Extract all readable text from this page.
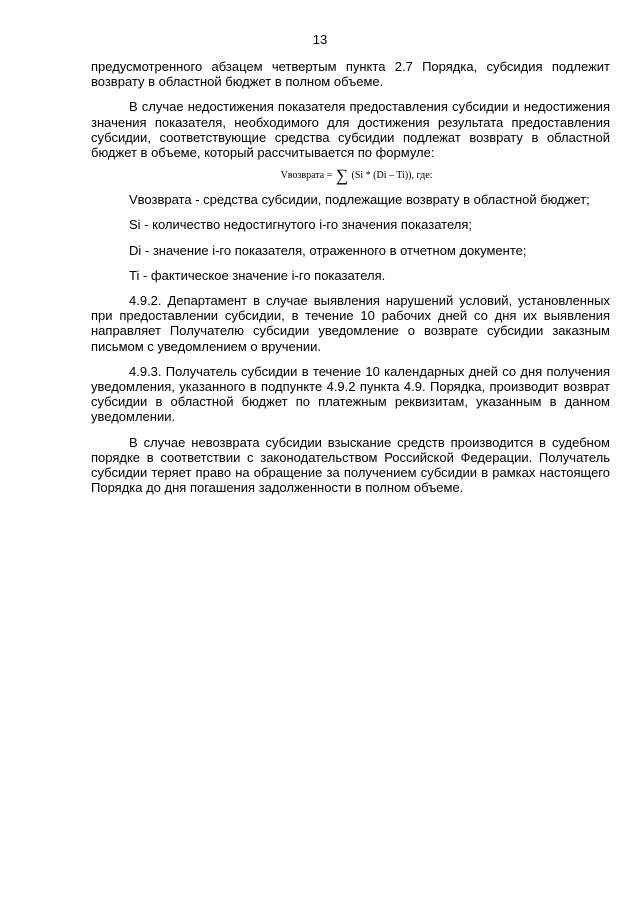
13

предусмотренного абзацем четвертым пункта 2.7 Порядка, субсидия подлежит возврату в областной бюджет в полном объеме.

В случае недостижения показателя предоставления субсидии и недостижения значения показателя, необходимого для достижения результата предоставления субсидии, соответствующие средства субсидии подлежат возврату в областной бюджет в объеме, который рассчитывается по формуле:

Vвозврата = ∑ (Si * (Di – Ti)), где:

Vвозврата - средства субсидии, подлежащие возврату в областной бюджет;

Si - количество недостигнутого i-го значения показателя;

Di - значение i-го показателя, отраженного в отчетном документе;

Ti - фактическое значение i-го показателя.

4.9.2. Департамент в случае выявления нарушений условий, установленных при предоставлении субсидии, в течение 10 рабочих дней со дня их выявления направляет Получателю субсидии уведомление о возврате субсидии заказным письмом с уведомлением о вручении.

4.9.3. Получатель субсидии в течение 10 календарных дней со дня получения уведомления, указанного в подпункте 4.9.2 пункта 4.9. Порядка, производит возврат субсидии в областной бюджет по платежным реквизитам, указанным в данном уведомлении.

В случае невозврата субсидии взыскание средств производится в судебном порядке в соответствии с законодательством Российской Федерации. Получатель субсидии теряет право на обращение за получением субсидии в рамках настоящего Порядка до дня погашения задолженности в полном объеме.
